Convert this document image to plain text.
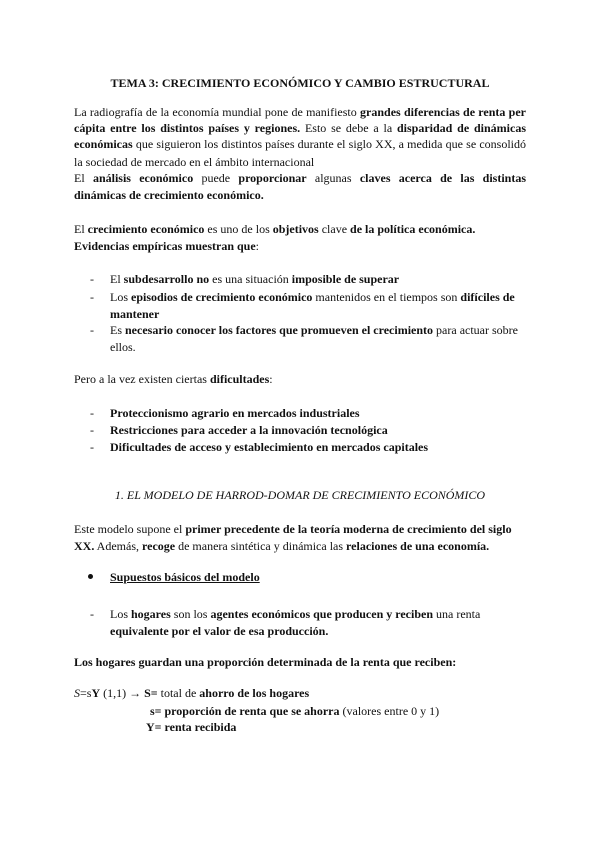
TEMA 3: CRECIMIENTO ECONÓMICO Y CAMBIO ESTRUCTURAL
La radiografía de la economía mundial pone de manifiesto grandes diferencias de renta per
cápita entre los distintos países y regiones. Esto se debe a la disparidad de dinámicas
económicas que siguieron los distintos países durante el siglo XX, a medida que se consolidó
la sociedad de mercado en el ámbito internacional
El análisis económico puede proporcionar algunas claves acerca de las distintas
dinámicas de crecimiento económico.
El crecimiento económico es uno de los objetivos clave de la política económica.
Evidencias empíricas muestran que:
- El subdesarrollo no es una situación imposible de superar
- Los episodios de crecimiento económico mantenidos en el tiempos son difíciles de
mantener
- Es necesario conocer los factores que promueven el crecimiento para actuar sobre
ellos.
Pero a la vez existen ciertas dificultades:
- Proteccionismo agrario en mercados industriales
- Restricciones para acceder a la innovación tecnológica
- Dificultades de acceso y establecimiento en mercados capitales
1. EL MODELO DE HARROD-DOMAR DE CRECIMIENTO ECONÓMICO
Este modelo supone el primer precedente de la teoría moderna de crecimiento del siglo
XX. Además, recoge de manera sintética y dinámica las relaciones de una economía.
Supuestos básicos del modelo
- Los hogares son los agentes económicos que producen y reciben una renta
equivalente por el valor de esa producción.
Los hogares guardan una proporción determinada de la renta que reciben:
S=sY (1,1) → S= total de ahorro de los hogares
s= proporción de renta que se ahorra (valores entre 0 y 1)
Y= renta recibida
